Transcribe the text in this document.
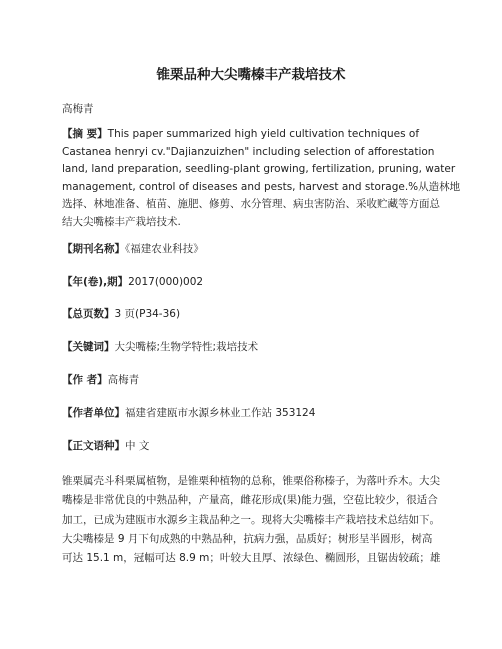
锥栗品种大尖嘴榛丰产栽培技术
高梅青
【摘 要】This paper summarized high yield cultivation techniques of
Castanea henryi cv."Dajianzuizhen" including selection of afforestation
land, land preparation, seedling-plant growing, fertilization, pruning, water
management, control of diseases and pests, harvest and storage.%从造林地
选择、林地准备、植苗、施肥、修剪、水分管理、病虫害防治、采收贮藏等方面总
结大尖嘴榛丰产栽培技术.
【期刊名称】《福建农业科技》
【年(卷),期】2017(000)002
【总页数】3 页(P34-36)
【关键词】大尖嘴榛;生物学特性;栽培技术
【作 者】高梅青
【作者单位】福建省建瓯市水源乡林业工作站 353124
【正文语种】中 文
锥栗属壳斗科栗属植物，是锥栗种植物的总称，锥栗俗称榛子，为落叶乔木。大尖
嘴榛是非常优良的中熟品种，产量高，雌花形成(果)能力强，空苞比较少，很适合
加工，已成为建瓯市水源乡主栽品种之一。现将大尖嘴榛丰产栽培技术总结如下。
大尖嘴榛是 9 月下旬成熟的中熟品种，抗病力强，品质好；树形呈半圆形，树高
可达 15.1 m，冠幅可达 8.9 m；叶较大且厚、浓绿色、椭圆形，且锯齿较疏；雄
